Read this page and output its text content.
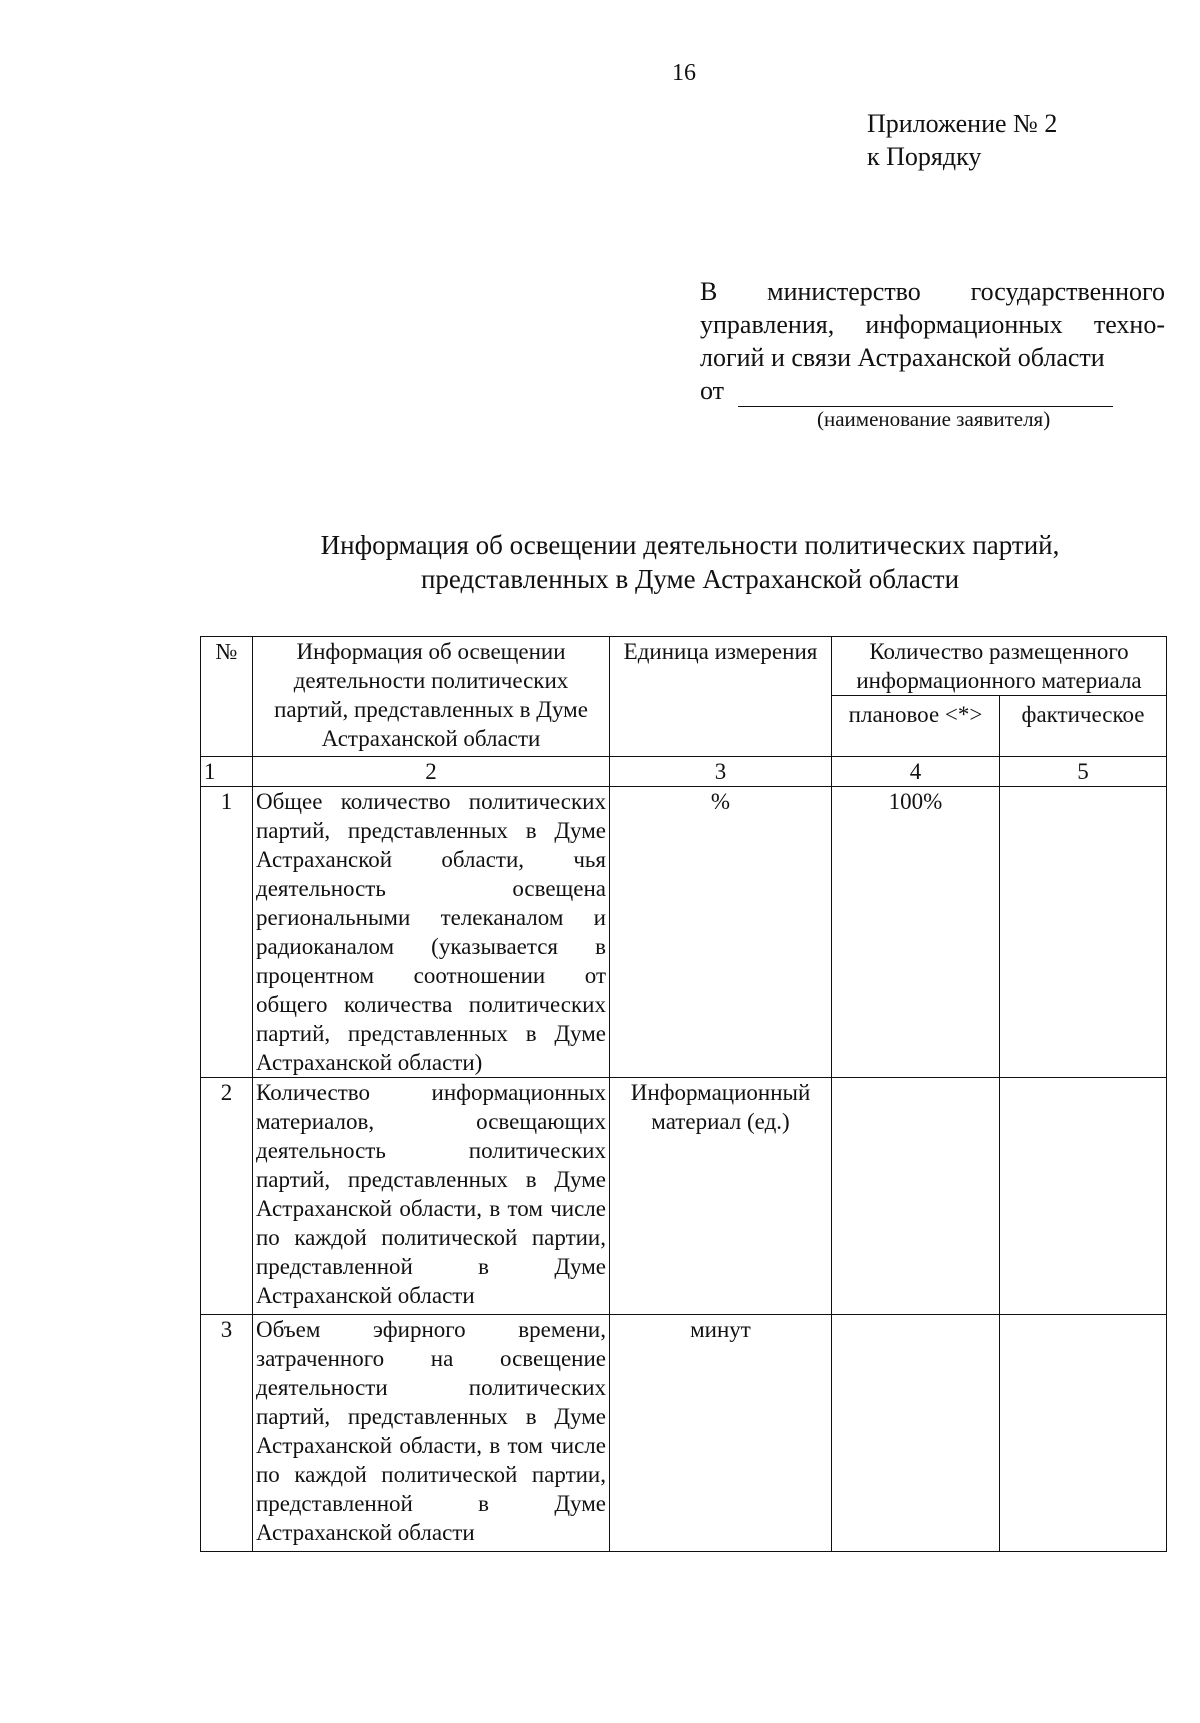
16
Приложение № 2
к Порядку
В министерство государственного
управления, информационных техно-
логий и связи Астраханской области
от
(наименование заявителя)
Информация об освещении деятельности политических партий,
представленных в Думе Астраханской области
№	Информация об освещении деятельности политических партий, представленных в Думе Астраханской области	Единица измерения	Количество размещенного информационного материала	
			плановое <*>	фактическое
1	2	3	4	5
1	Общее количество политических партий, представленных в Думе Астраханской области, чья деятельность освещена региональными телеканалом и радиоканалом (указывается в процентном соотношении от общего количества политических партий, представленных в Думе Астраханской области)	%	100%	
2	Количество информационных материалов, освещающих деятельность политических партий, представленных в Думе Астраханской области, в том числе по каждой политической партии, представленной в Думе Астраханской области	Информационный материал (ед.)		
3	Объем эфирного времени, затраченного на освещение деятельности политических партий, представленных в Думе Астраханской области, в том числе по каждой политической партии, представленной в Думе Астраханской области	минут		
